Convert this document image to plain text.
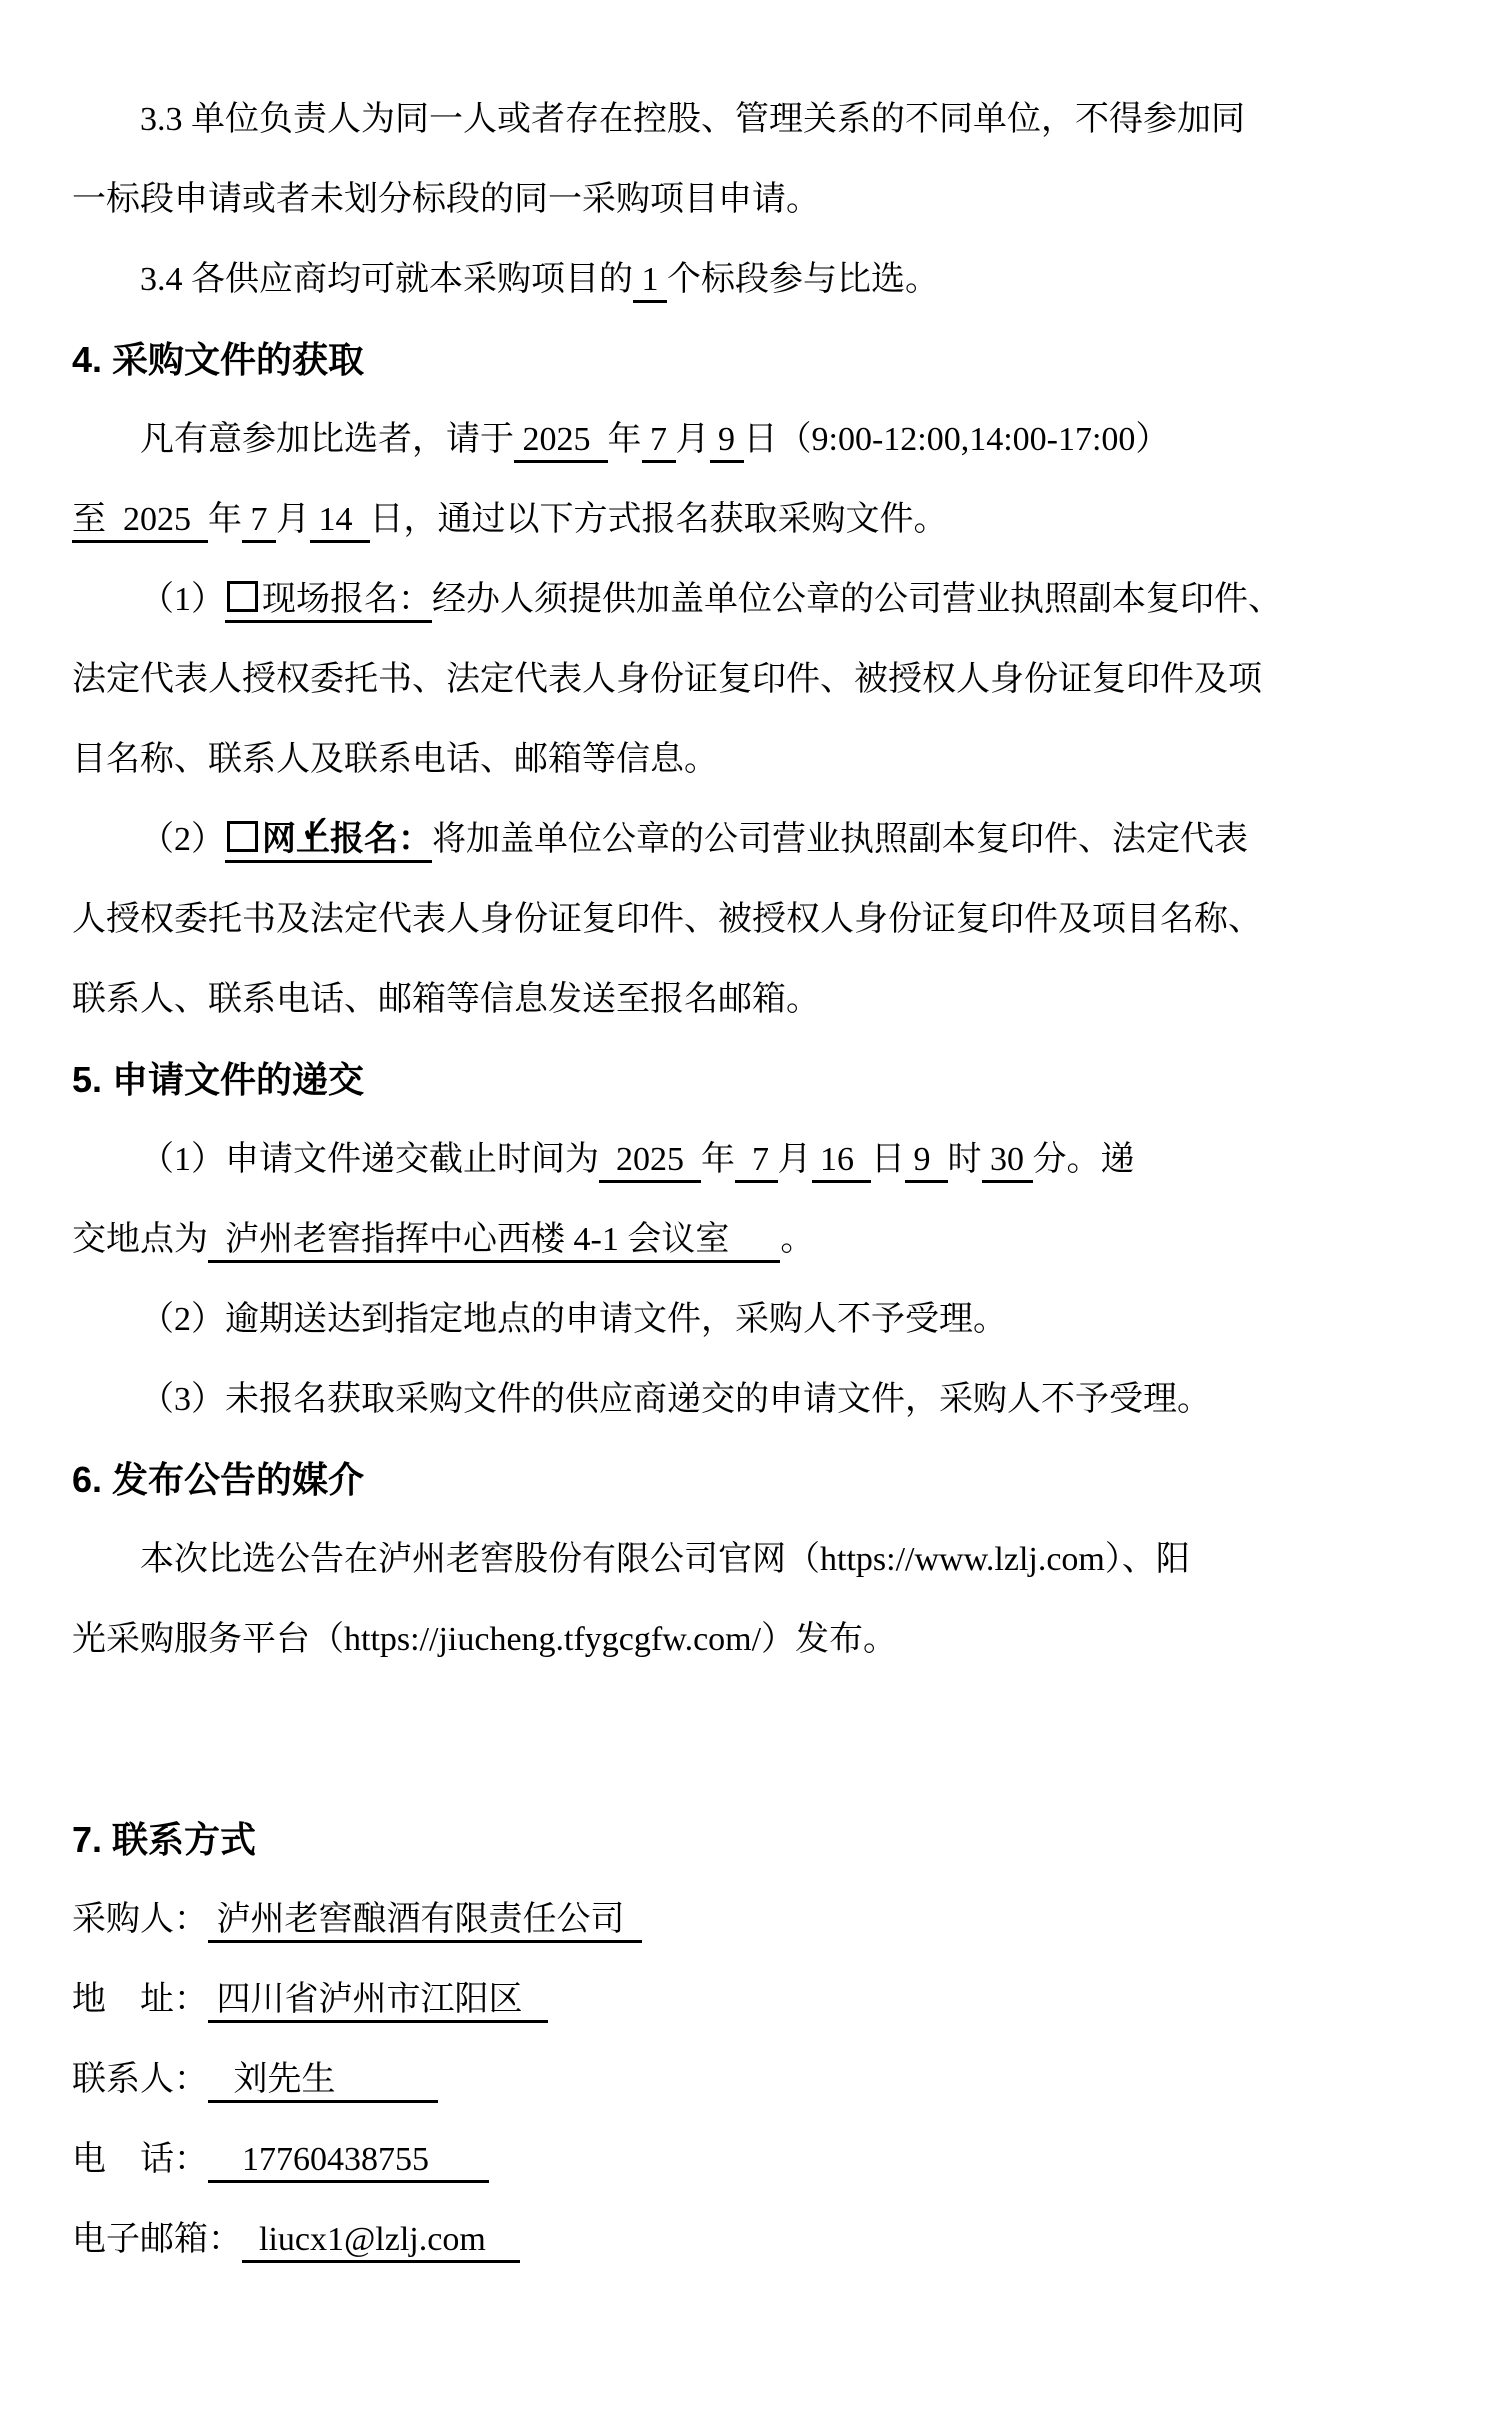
3.3 单位负责人为同一人或者存在控股、管理关系的不同单位，不得参加同
一标段申请或者未划分标段的同一采购项目申请。
3.4 各供应商均可就本采购项目的 1 个标段参与比选。
4. 采购文件的获取
凡有意参加比选者，请于 2025  年 7 月 9 日（9:00-12:00,14:00-17:00）
至  2025  年 7 月 14  日，通过以下方式报名获取采购文件。
（1） 现场报名：经办人须提供加盖单位公章的公司营业执照副本复印件、
法定代表人授权委托书、法定代表人身份证复印件、被授权人身份证复印件及项
目名称、联系人及联系电话、邮箱等信息。
（2） ✓ 网上报名：将加盖单位公章的公司营业执照副本复印件、法定代表
人授权委托书及法定代表人身份证复印件、被授权人身份证复印件及项目名称、
联系人、联系电话、邮箱等信息发送至报名邮箱。
5. 申请文件的递交
（1）申请文件递交截止时间为  2025  年  7 月 16  日 9  时 30 分。递
交地点为  泸州老窖指挥中心西楼 4-1 会议室      。
（2）逾期送达到指定地点的申请文件，采购人不予受理。
（3）未报名获取采购文件的供应商递交的申请文件，采购人不予受理。
6. 发布公告的媒介
本次比选公告在泸州老窖股份有限公司官网（https://www.lzlj.com）、阳
光采购服务平台（https://jiucheng.tfygcgfw.com/）发布。
7. 联系方式
采购人： 泸州老窖酿酒有限责任公司
地　址： 四川省泸州市江阳区
联系人：   刘先生
电　话：    17760438755
电子邮箱：  liucx1@lzlj.com
